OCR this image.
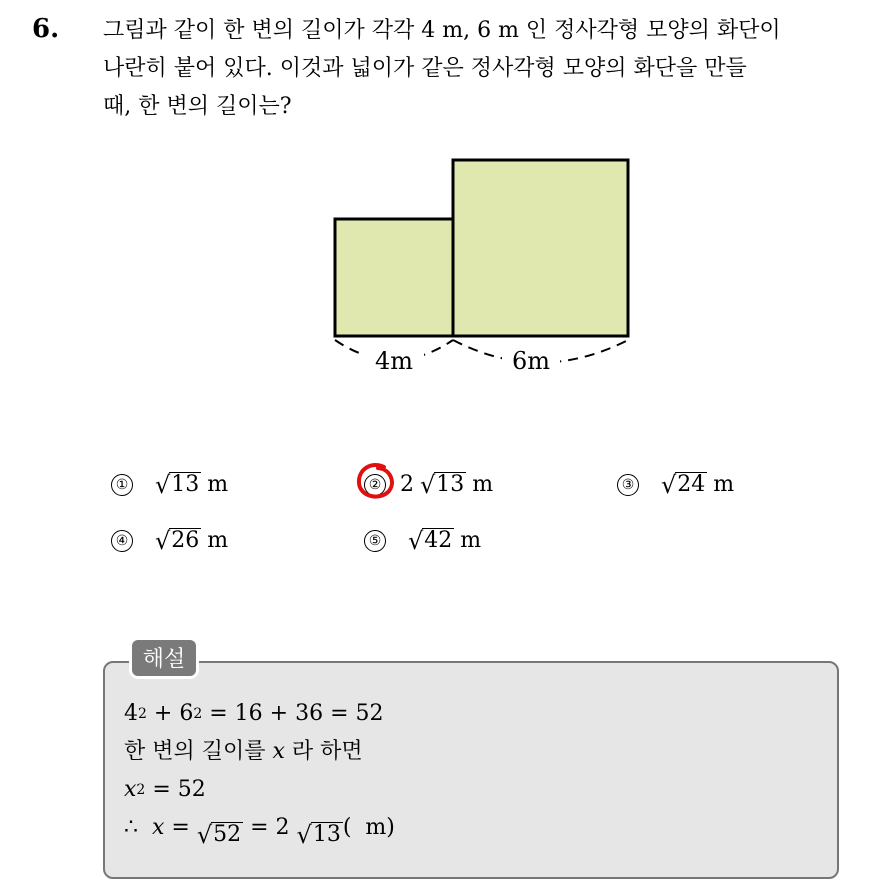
6. 그림과 같이 한 변의 길이가 각각 4 m, 6 m 인 정사각형 모양의 화단이
나란히 붙어 있다. 이것과 넓이가 같은 정사각형 모양의 화단을 만들
때, 한 변의 길이는?
4m	6m
① √ 13 m	② 2 √ 13 m	③ √ 24 m
④ √ 26 m	⑤ √ 42 m
해설
4 2 + 6 2 = 16 + 36 = 52
한 변의 길이를 x 라 하면
x 2 = 52
∴ x = √ 52 = 2 √ 13 (  m)
